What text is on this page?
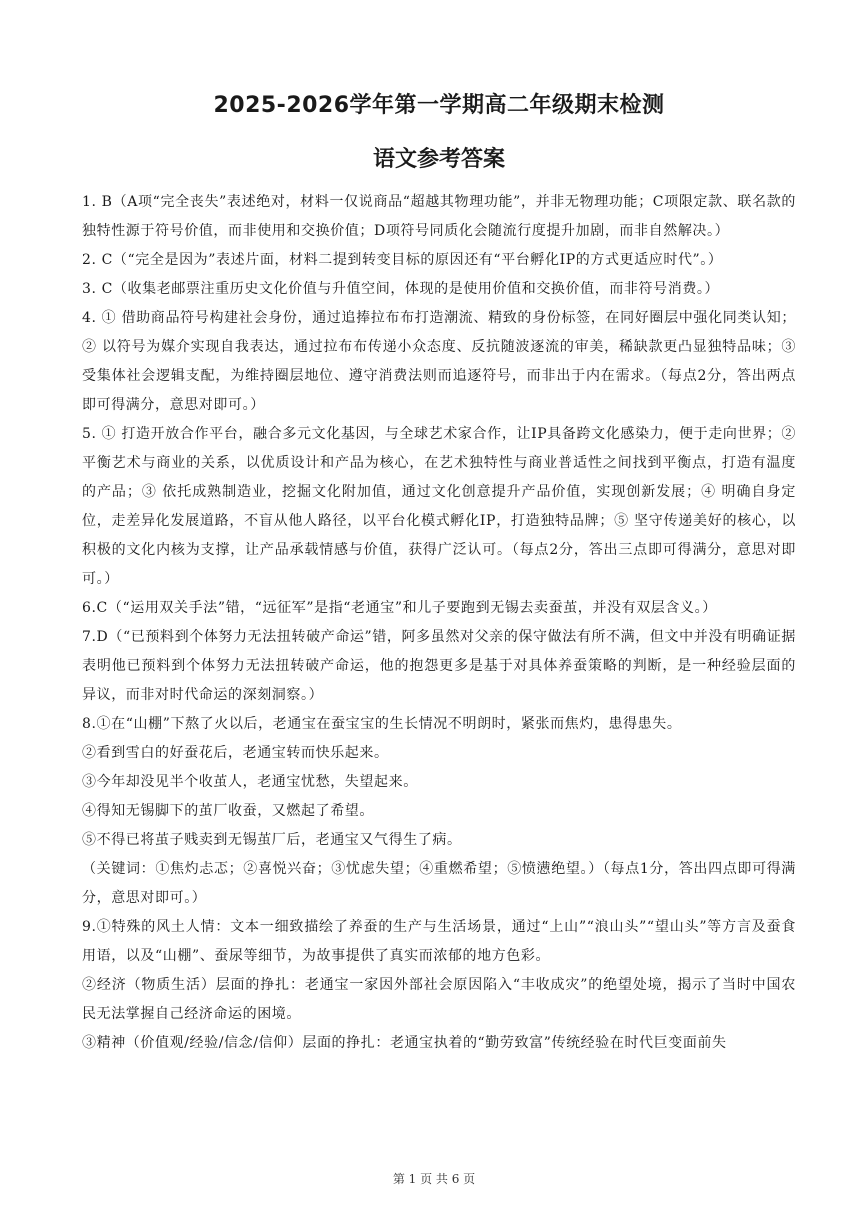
2025-2026学年第一学期高二年级期末检测
语文参考答案

1. B（A项“完全丧失”表述绝对，材料一仅说商品“超越其物理功能”，并非无物理功能；C项限定款、联名款的独特性源于符号价值，而非使用和交换价值；D项符号同质化会随流行度提升加剧，而非自然解决。）

2. C（“完全是因为”表述片面，材料二提到转变目标的原因还有“平台孵化IP的方式更适应时代”。）

3. C（收集老邮票注重历史文化价值与升值空间，体现的是使用价值和交换价值，而非符号消费。）

4. ① 借助商品符号构建社会身份，通过追捧拉布布打造潮流、精致的身份标签，在同好圈层中强化同类认知；② 以符号为媒介实现自我表达，通过拉布布传递小众态度、反抗随波逐流的审美，稀缺款更凸显独特品味；③ 受集体社会逻辑支配，为维持圈层地位、遵守消费法则而追逐符号，而非出于内在需求。（每点2分，答出两点即可得满分，意思对即可。）

5. ① 打造开放合作平台，融合多元文化基因，与全球艺术家合作，让IP具备跨文化感染力，便于走向世界；② 平衡艺术与商业的关系，以优质设计和产品为核心，在艺术独特性与商业普适性之间找到平衡点，打造有温度的产品；③ 依托成熟制造业，挖掘文化附加值，通过文化创意提升产品价值，实现创新发展；④ 明确自身定位，走差异化发展道路，不盲从他人路径，以平台化模式孵化IP，打造独特品牌；⑤ 坚守传递美好的核心，以积极的文化内核为支撑，让产品承载情感与价值，获得广泛认可。（每点2分，答出三点即可得满分，意思对即可。）

6.C（“运用双关手法”错，“远征军”是指“老通宝”和儿子要跑到无锡去卖蚕茧，并没有双层含义。）

7.D（“已预料到个体努力无法扭转破产命运”错，阿多虽然对父亲的保守做法有所不满，但文中并没有明确证据表明他已预料到个体努力无法扭转破产命运，他的抱怨更多是基于对具体养蚕策略的判断，是一种经验层面的异议，而非对时代命运的深刻洞察。）

8.①在“山棚”下熬了火以后，老通宝在蚕宝宝的生长情况不明朗时，紧张而焦灼，患得患失。

②看到雪白的好蚕花后，老通宝转而快乐起来。

③今年却没见半个收茧人，老通宝忧愁，失望起来。

④得知无锡脚下的茧厂收蚕，又燃起了希望。

⑤不得已将茧子贱卖到无锡茧厂后，老通宝又气得生了病。

（关键词：①焦灼忐忑；②喜悦兴奋；③忧虑失望；④重燃希望；⑤愤懑绝望。）（每点1分，答出四点即可得满分，意思对即可。）

9.①特殊的风土人情：文本一细致描绘了养蚕的生产与生活场景，通过“上山”“浪山头”“望山头”等方言及蚕食用语，以及“山棚”、蚕尿等细节，为故事提供了真实而浓郁的地方色彩。

②经济（物质生活）层面的挣扎：老通宝一家因外部社会原因陷入“丰收成灾”的绝望处境，揭示了当时中国农民无法掌握自己经济命运的困境。

③精神（价值观/经验/信念/信仰）层面的挣扎：老通宝执着的“勤劳致富”传统经验在时代巨变面前失

第 1 页 共 6 页
